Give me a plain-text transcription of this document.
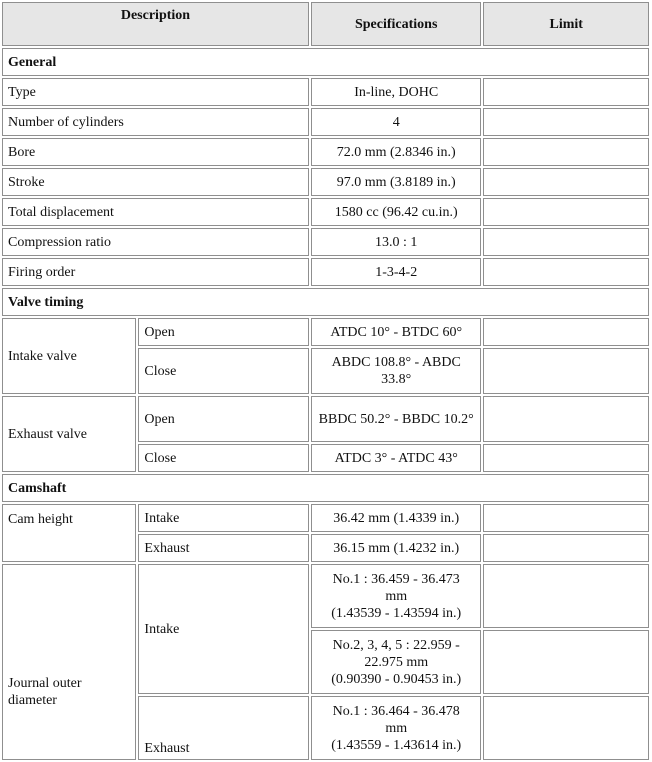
Description		Specifications	Limit
General			
Type		In-line, DOHC	
Number of cylinders		4	
Bore		72.0 mm (2.8346 in.)	
Stroke		97.0 mm (3.8189 in.)	
Total displacement		1580 cc (96.42 cu.in.)	
Compression ratio		13.0 : 1	
Firing order		1-3-4-2	
Valve timing			
Intake valve	Open	ATDC 10° - BTDC 60°	
	Close	ABDC 108.8° - ABDC 33.8°	
Exhaust valve	Open	BBDC 50.2° - BBDC 10.2°	
	Close	ATDC 3° - ATDC 43°	
Camshaft			
Cam height	Intake	36.42 mm (1.4339 in.)	
	Exhaust	36.15 mm (1.4232 in.)	
Journal outer diameter	Intake	No.1 : 36.459 - 36.473
mm
(1.43539 - 1.43594 in.)	
		No.2, 3, 4, 5 : 22.959 -
22.975 mm
(0.90390 - 0.90453 in.)	
	Exhaust	No.1 : 36.464 - 36.478
mm
(1.43559 - 1.43614 in.)	
